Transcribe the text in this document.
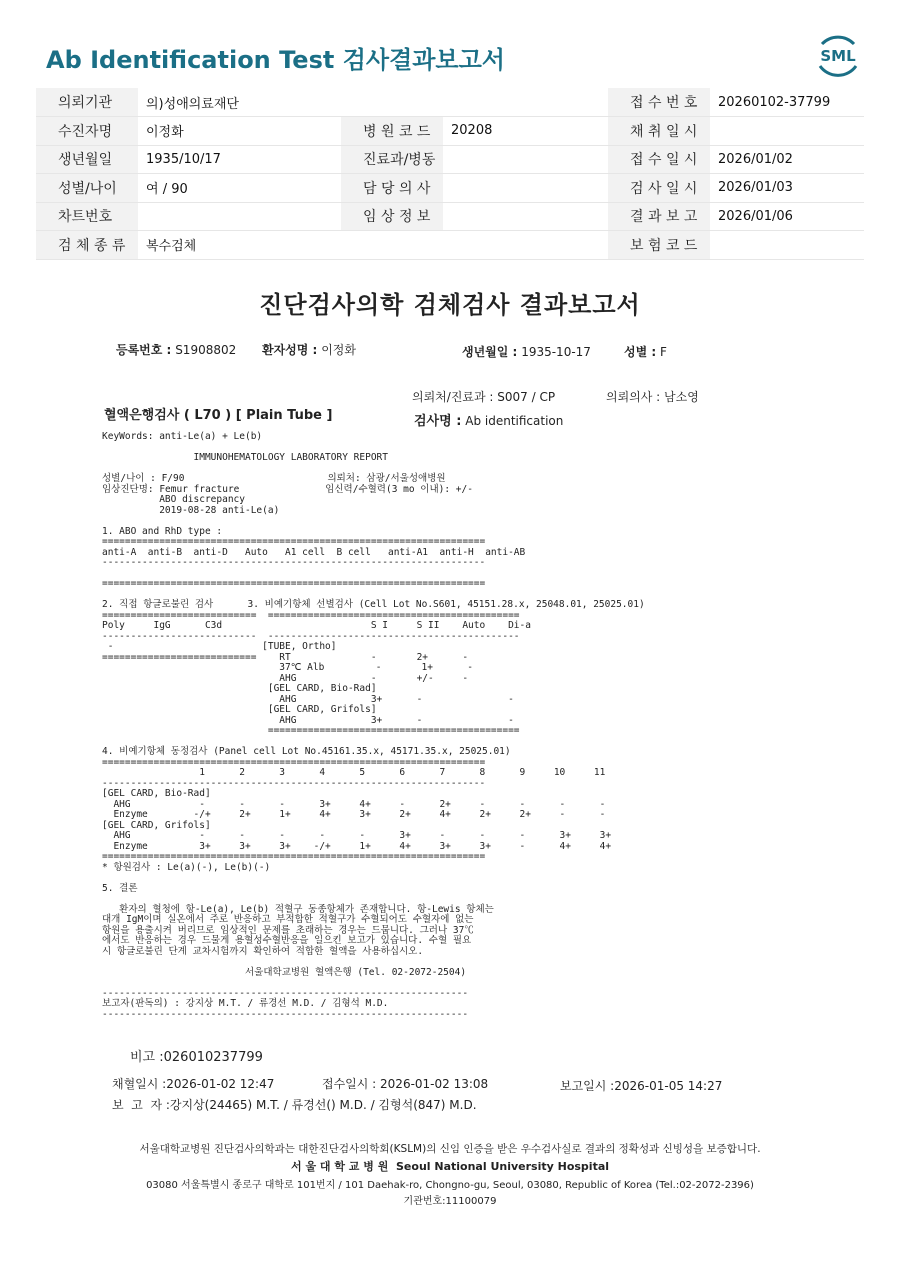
Ab Identification Test 검사결과보고서	SML
의뢰기관	의)성애의료재단			접 수 번 호	20260102-37799
수진자명	이정화	병 원 코 드	20208	채 취 일 시	
생년월일	1935/10/17	진료과/병동		접 수 일 시	2026/01/02
성별/나이	여 / 90	담 당 의 사		검 사 일 시	2026/01/03
차트번호		임 상 정 보		결 과 보 고	2026/01/06
검 체 종 류	복수검체			보 험 코 드	
진단검사의학 검체검사 결과보고서
등록번호 : S1908802 환자성명 : 이정화	생년월일 : 1935-10-17	성별 : F
의뢰처/진료과 : S007 / CP	의뢰의사 : 남소영
혈액은행검사 ( L70 ) [ Plain Tube ]	검사명 : Ab identification
KeyWords: anti-Le(a) + Le(b)
IMMUNOHEMATOLOGY LABORATORY REPORT
성별/나이 : F/90                         의뢰처: 삼광/서울성애병원
임상진단명: Femur fracture               임신력/수혈력(3 mo 이내): +/-
ABO discrepancy
2019-08-28 anti-Le(a)
1. ABO and RhD type :
===================================================================
anti-A  anti-B  anti-D   Auto   A1 cell  B cell   anti-A1  anti-H  anti-AB
-------------------------------------------------------------------
===================================================================
2. 직접 항글로불린 검사      3. 비예기항체 선별검사 (Cell Lot No.S601, 45151.28.x, 25048.01, 25025.01)
===========================  ============================================
Poly     IgG      C3d                          S I     S II    Auto    Di-a
---------------------------  --------------------------------------------
-                          [TUBE, Ortho]
===========================    RT              -       2+      -
37℃ Alb         -       1+      -
AHG             -       +/-     -
[GEL CARD, Bio-Rad]
AHG             3+      -               -
[GEL CARD, Grifols]
AHG             3+      -               -
============================================
4. 비예기항체 동정검사 (Panel cell Lot No.45161.35.x, 45171.35.x, 25025.01)
===================================================================
1      2      3      4      5      6      7      8      9     10     11
-------------------------------------------------------------------
[GEL CARD, Bio-Rad]
AHG            -      -      -      3+     4+     -      2+     -      -      -      -
Enzyme        -/+     2+     1+     4+     3+     2+     4+     2+     2+     -      -
[GEL CARD, Grifols]
AHG            -      -      -      -      -      3+     -      -      -      3+     3+
Enzyme         3+     3+     3+    -/+     1+     4+     3+     3+     -      4+     4+
===================================================================
* 항원검사 : Le(a)(-), Le(b)(-)
5. 결론
환자의 혈청에 항-Le(a), Le(b) 적혈구 동종항체가 존재합니다. 항-Lewis 항체는
대개 IgM이며 실온에서 주로 반응하고 부적합한 적혈구가 수혈되어도 수혈자에 없는
항원을 용출시켜 버리므로 임상적인 문제를 초래하는 경우는 드뭅니다. 그러나 37℃
에서도 반응하는 경우 드물게 용혈성수혈반응을 일으킨 보고가 있습니다. 수혈 필요
시 항글로불린 단계 교차시험까지 확인하여 적합한 혈액을 사용하십시오.
서울대학교병원 혈액은행 (Tel. 02-2072-2504)
----------------------------------------------------------------
보고자(판독의) : 강지상 M.T. / 류경선 M.D. / 김형석 M.D.
----------------------------------------------------------------
비고 :026010237799
채혈일시 :2026-01-02 12:47	접수일시 : 2026-01-02 13:08	보고일시 :2026-01-05 14:27
보  고  자 :강지상(24465) M.T. / 류경선() M.D. / 김형석(847) M.D.
서울대학교병원 진단검사의학과는 대한진단검사의학회(KSLM)의 신임 인증을 받은 우수검사실로 결과의 정확성과 신빙성을 보증합니다.
서 울 대 학 교 병 원  Seoul National University Hospital
03080 서울특별시 종로구 대학로 101번지 / 101 Daehak-ro, Chongno-gu, Seoul, 03080, Republic of Korea (Tel.:02-2072-2396)
기관번호:11100079
